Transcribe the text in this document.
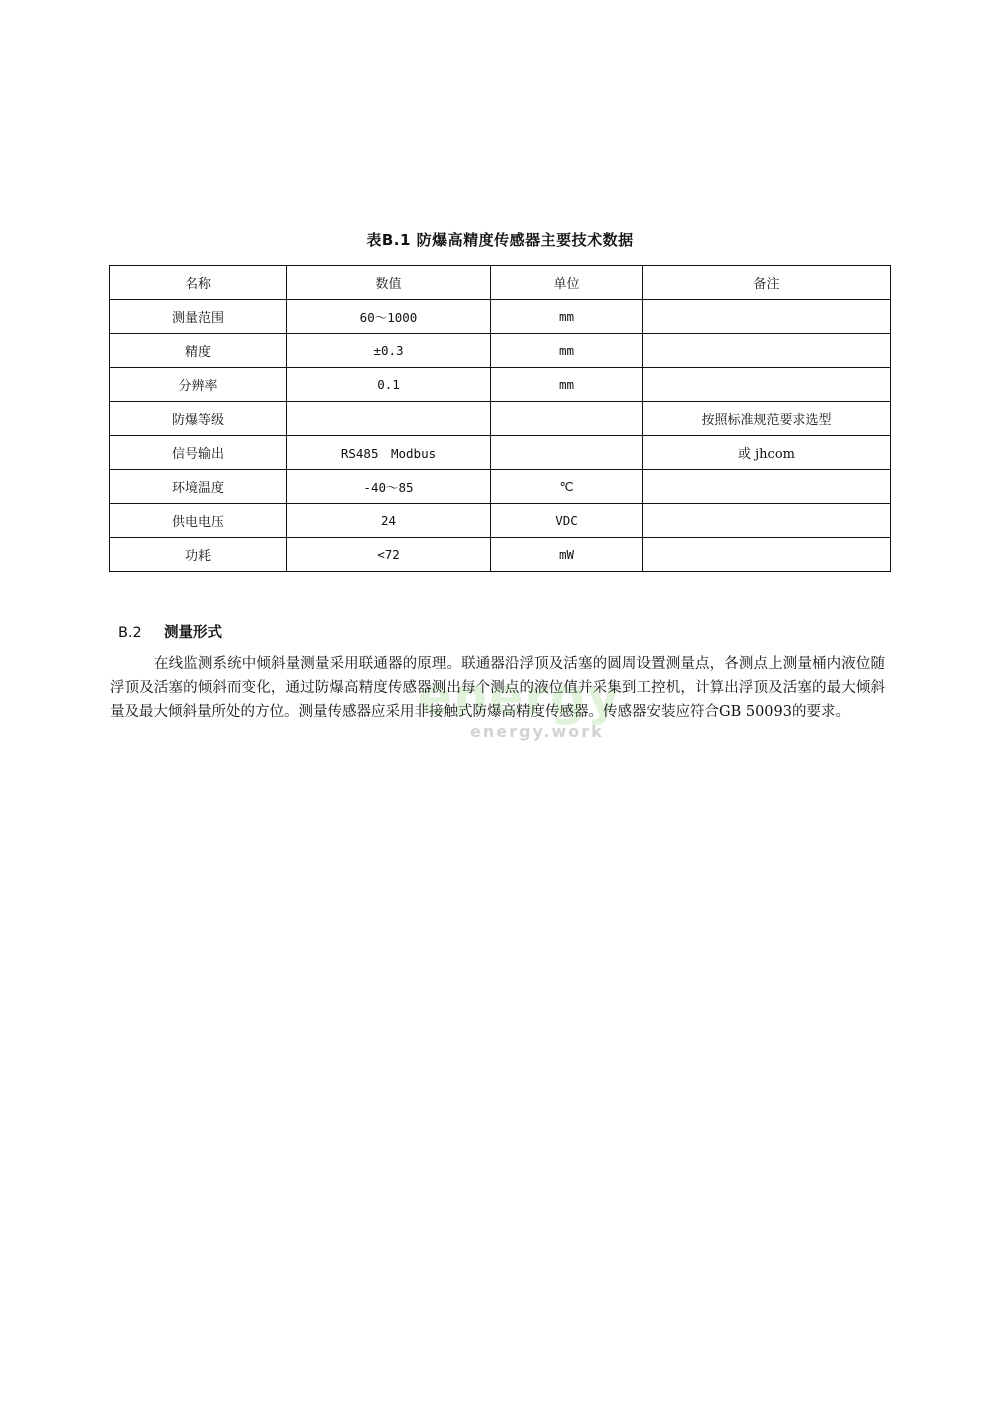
表B.1 防爆高精度传感器主要技术数据
名称	数值	单位	备注
测量范围	60～1000	mm	
精度	±0.3	mm	
分辨率	0.1	mm	
防爆等级			按照标准规范要求选型
信号输出	RS485　Modbus		或 jhcom
环境温度	-40～85	℃	
供电电压	24	VDC	
功耗	<72	mW	
B.2 测量形式
energy
energy.work
在线监测系统中倾斜量测量采用联通器的原理。联通器沿浮顶及活塞的圆周设置测量点，各测点上测量桶内液位随浮顶及活塞的倾斜而变化，通过防爆高精度传感器测出每个测点的液位值并采集到工控机，计算出浮顶及活塞的最大倾斜量及最大倾斜量所处的方位。测量传感器应采用非接触式防爆高精度传感器。传感器安装应符合GB 50093的要求。
